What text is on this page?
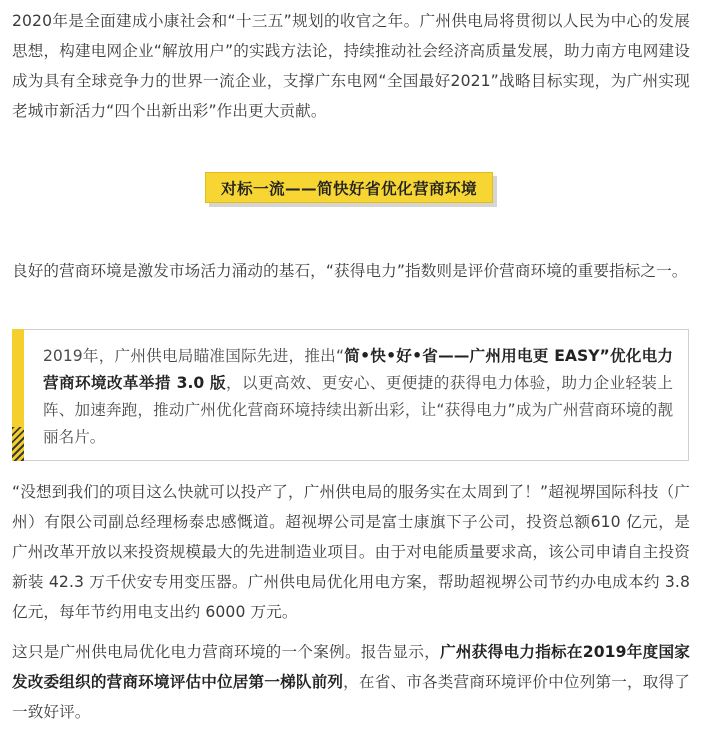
2020年是全面建成小康社会和“十三五”规划的收官之年。广州供电局将贯彻以人民为中心的发展思想，构建电网企业“解放用户”的实践方法论，持续推动社会经济高质量发展，助力南方电网建设成为具有全球竞争力的世界一流企业，支撑广东电网“全国最好2021”战略目标实现，为广州实现老城市新活力“四个出新出彩”作出更大贡献。

对标一流——简快好省优化营商环境

良好的营商环境是激发市场活力涌动的基石，“获得电力”指数则是评价营商环境的重要指标之一。

2019年，广州供电局瞄准国际先进，推出“简•快•好•省——广州用电更 EASY”优化电力营商环境改革举措 3.0 版，以更高效、更安心、更便捷的获得电力体验，助力企业轻装上阵、加速奔跑，推动广州优化营商环境持续出新出彩，让“获得电力”成为广州营商环境的靓丽名片。

“没想到我们的项目这么快就可以投产了，广州供电局的服务实在太周到了！”超视堺国际科技（广州）有限公司副总经理杨泰忠感慨道。超视堺公司是富士康旗下子公司，投资总额610 亿元，是广州改革开放以来投资规模最大的先进制造业项目。由于对电能质量要求高，该公司申请自主投资新装 42.3 万千伏安专用变压器。广州供电局优化用电方案，帮助超视堺公司节约办电成本约 3.8 亿元，每年节约用电支出约 6000 万元。

这只是广州供电局优化电力营商环境的一个案例。报告显示，广州获得电力指标在2019年度国家发改委组织的营商环境评估中位居第一梯队前列，在省、市各类营商环境评价中位列第一，取得了一致好评。
